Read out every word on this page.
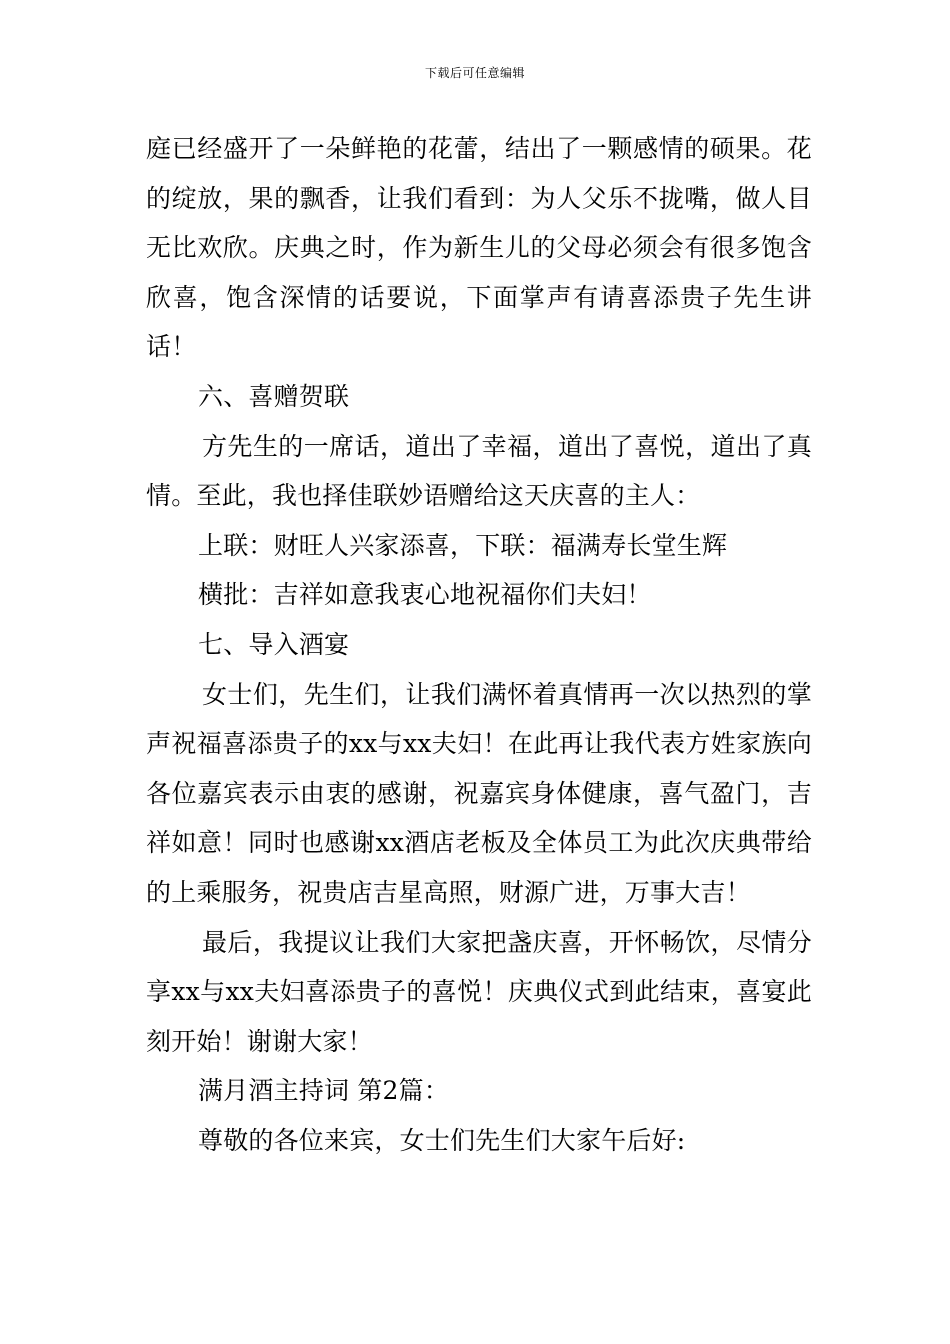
下载后可任意编辑

庭已经盛开了一朵鲜艳的花蕾，结出了一颗感情的硕果。花的绽放，果的飘香，让我们看到：为人父乐不拢嘴，做人目无比欢欣。庆典之时，作为新生儿的父母必须会有很多饱含欣喜，饱含深情的话要说，下面掌声有请喜添贵子先生讲话！

六、喜赠贺联

方先生的一席话，道出了幸福，道出了喜悦，道出了真情。至此，我也择佳联妙语赠给这天庆喜的主人：

上联：财旺人兴家添喜，下联：福满寿长堂生辉

横批：吉祥如意我衷心地祝福你们夫妇！

七、导入酒宴

女士们，先生们，让我们满怀着真情再一次以热烈的掌声祝福喜添贵子的xx与xx夫妇！在此再让我代表方姓家族向各位嘉宾表示由衷的感谢，祝嘉宾身体健康，喜气盈门，吉祥如意！同时也感谢xx酒店老板及全体员工为此次庆典带给的上乘服务，祝贵店吉星高照，财源广进，万事大吉！

最后，我提议让我们大家把盏庆喜，开怀畅饮，尽情分享xx与xx夫妇喜添贵子的喜悦！庆典仪式到此结束，喜宴此刻开始！谢谢大家！

满月酒主持词 第2篇：

尊敬的各位来宾，女士们先生们大家午后好:
